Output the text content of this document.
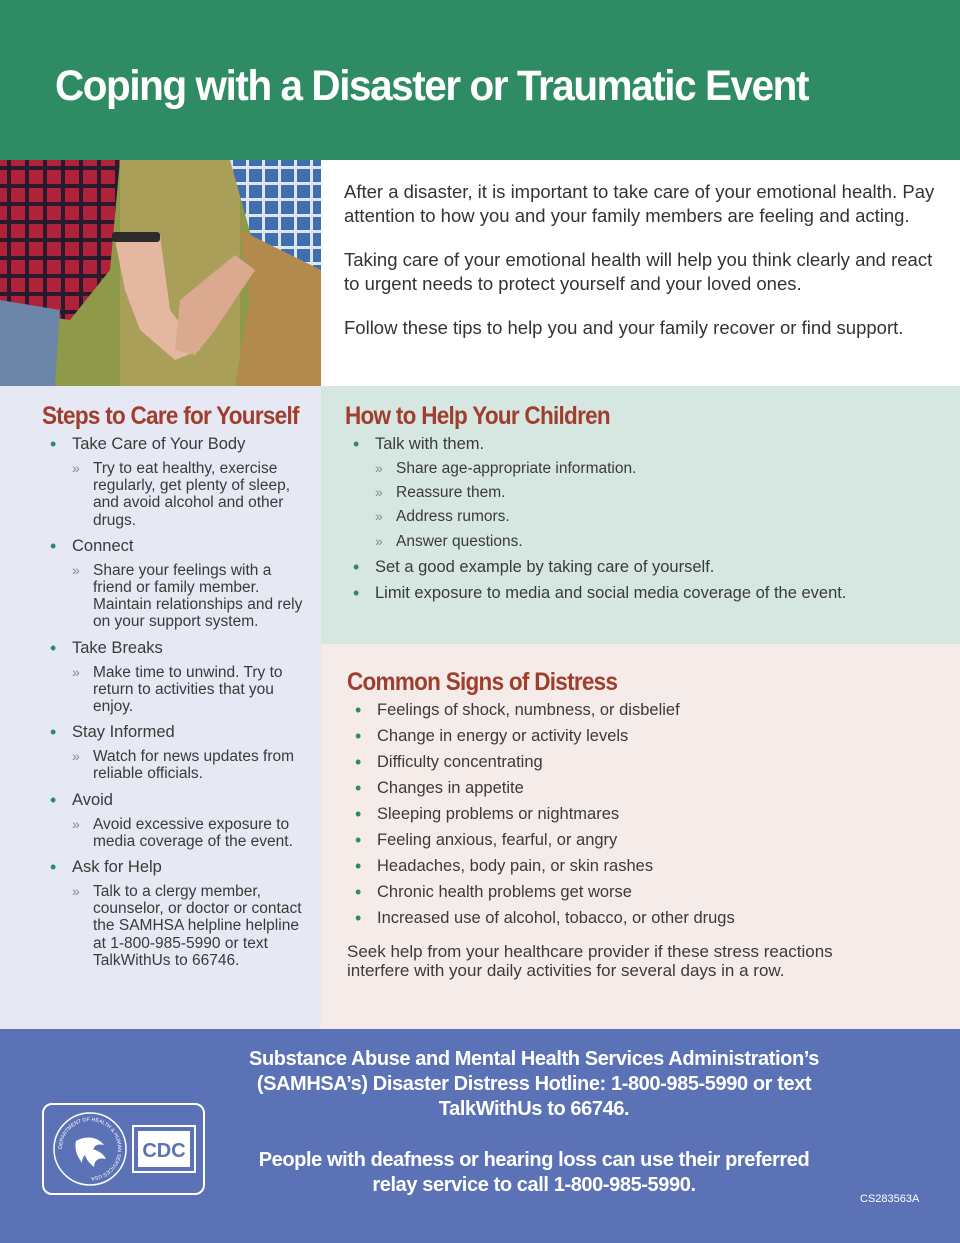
Coping with a Disaster or Traumatic Event

After a disaster, it is important to take care of your emotional health. Pay attention to how you and your family members are feeling and acting.

Taking care of your emotional health will help you think clearly and react to urgent needs to protect yourself and your loved ones.

Follow these tips to help you and your family recover or find support.

Steps to Care for Yourself
• Take Care of Your Body
» Try to eat healthy, exercise regularly, get plenty of sleep, and avoid alcohol and other drugs.
• Connect
» Share your feelings with a friend or family member. Maintain relationships and rely on your support system.
• Take Breaks
» Make time to unwind. Try to return to activities that you enjoy.
• Stay Informed
» Watch for news updates from reliable officials.
• Avoid
» Avoid excessive exposure to media coverage of the event.
• Ask for Help
» Talk to a clergy member, counselor, or doctor or contact the SAMHSA helpline helpline at 1-800-985-5990 or text TalkWithUs to 66746.
How to Help Your Children
• Talk with them.
» Share age-appropriate information.
» Reassure them.
» Address rumors.
» Answer questions.
• Set a good example by taking care of yourself.
• Limit exposure to media and social media coverage of the event.
Common Signs of Distress
• Feelings of shock, numbness, or disbelief
• Change in energy or activity levels
• Difficulty concentrating
• Changes in appetite
• Sleeping problems or nightmares
• Feeling anxious, fearful, or angry
• Headaches, body pain, or skin rashes
• Chronic health problems get worse
• Increased use of alcohol, tobacco, or other drugs

Seek help from your healthcare provider if these stress reactions interfere with your daily activities for several days in a row.

DEPARTMENT OF HEALTH & HUMAN SERVICES USA
CDC

Substance Abuse and Mental Health Services Administration’s (SAMHSA’s) Disaster Distress Hotline: 1-800-985-5990 or text TalkWithUs to 66746.

People with deafness or hearing loss can use their preferred relay service to call 1-800-985-5990.

CS283563A
